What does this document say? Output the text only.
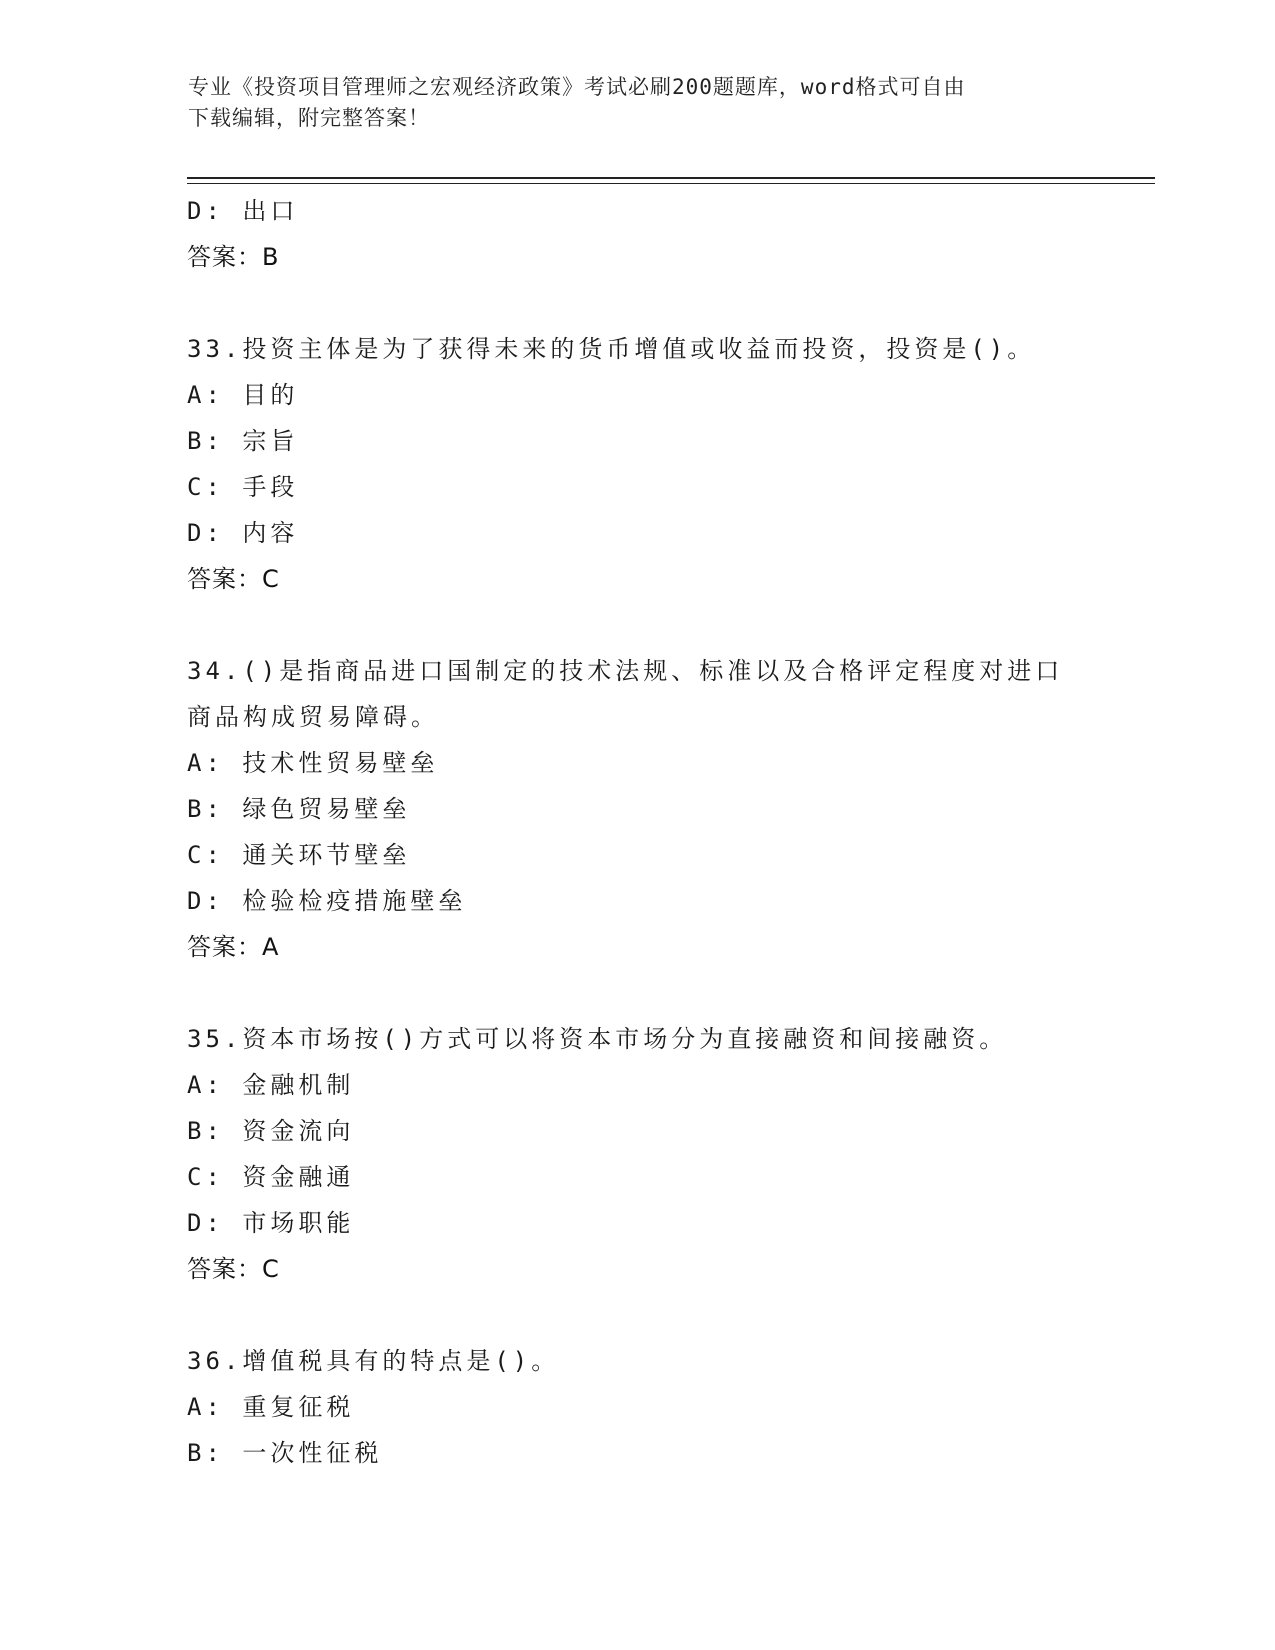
专业《投资项目管理师之宏观经济政策》考试必刷200题题库，word格式可自由
下载编辑，附完整答案！
D: 出口
答案：B
33.投资主体是为了获得未来的货币增值或收益而投资，投资是()。
A: 目的
B: 宗旨
C: 手段
D: 内容
答案：C
34.()是指商品进口国制定的技术法规、标准以及合格评定程度对进口
商品构成贸易障碍。
A: 技术性贸易壁垒
B: 绿色贸易壁垒
C: 通关环节壁垒
D: 检验检疫措施壁垒
答案：A
35.资本市场按()方式可以将资本市场分为直接融资和间接融资。
A: 金融机制
B: 资金流向
C: 资金融通
D: 市场职能
答案：C
36.增值税具有的特点是()。
A: 重复征税
B: 一次性征税
